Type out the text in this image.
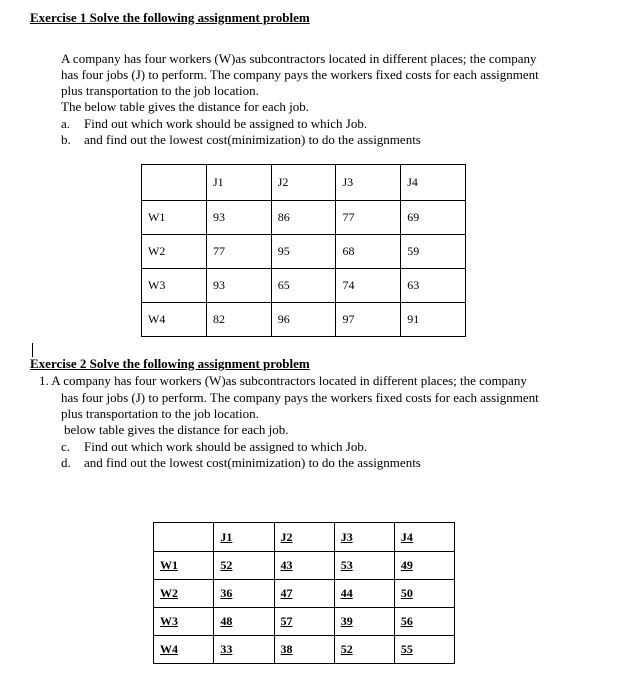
Exercise 1 Solve the following assignment problem
A company has four workers (W)as subcontractors located in different places; the company
has four jobs (J) to perform. The company pays the workers fixed costs for each assignment
plus transportation to the job location.
The below table gives the distance for each job.
a. Find out which work should be assigned to which Job.
b. and find out the lowest cost(minimization) to do the assignments
	J1	J2	J3	J4
W1	93	86	77	69
W2	77	95	68	59
W3	93	65	74	63
W4	82	96	97	91
Exercise 2 Solve the following assignment problem
1. A company has four workers (W)as subcontractors located in different places; the company
has four jobs (J) to perform. The company pays the workers fixed costs for each assignment
plus transportation to the job location.
below table gives the distance for each job.
c. Find out which work should be assigned to which Job.
d. and find out the lowest cost(minimization) to do the assignments
	J1	J2	J3	J4
W1	52	43	53	49
W2	36	47	44	50
W3	48	57	39	56
W4	33	38	52	55
